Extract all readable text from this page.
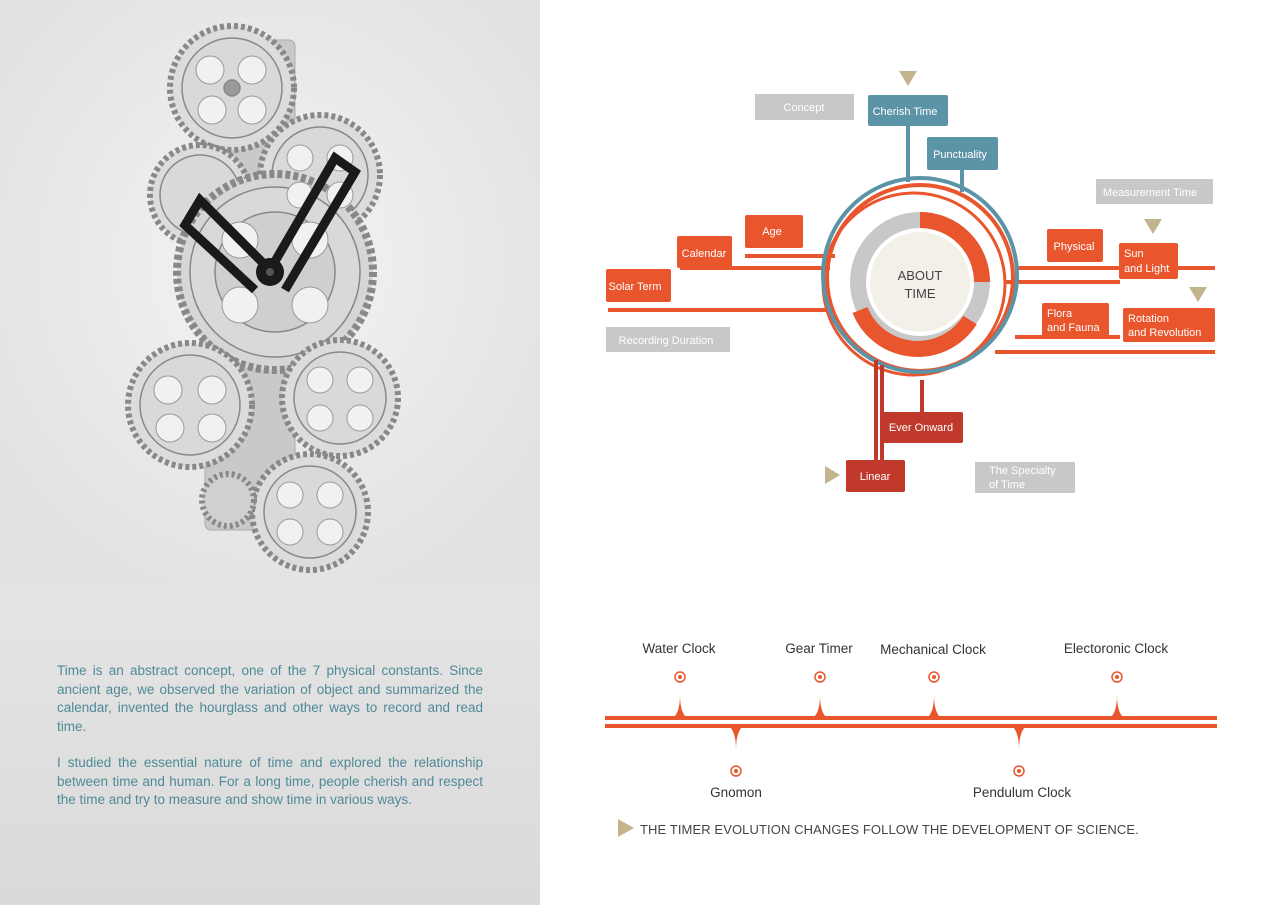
Time is an abstract concept, one of the 7 physical constants. Since ancient age, we observed the variation of object and summarized the calendar, invented the hourglass and other ways to record and read time.

I studied the essential nature of time and explored the relationship between time and human. For a long time, people cherish and respect the time and try to measure and show time in various ways.

ABOUT
TIME
Concept
Measurement Time
Recording Duration
The Specialty
of Time
Cherish Time
Punctuality
Age
Calendar
Solar Term
Physical
Sun
and Light
Flora
and Fauna
Rotation
and Revolution
Ever Onward
Linear
Water Clock	Gear Timer Mechanical Clock	Electoronic Clock
Gnomon	Pendulum Clock
THE TIMER EVOLUTION CHANGES FOLLOW THE DEVELOPMENT OF SCIENCE.
